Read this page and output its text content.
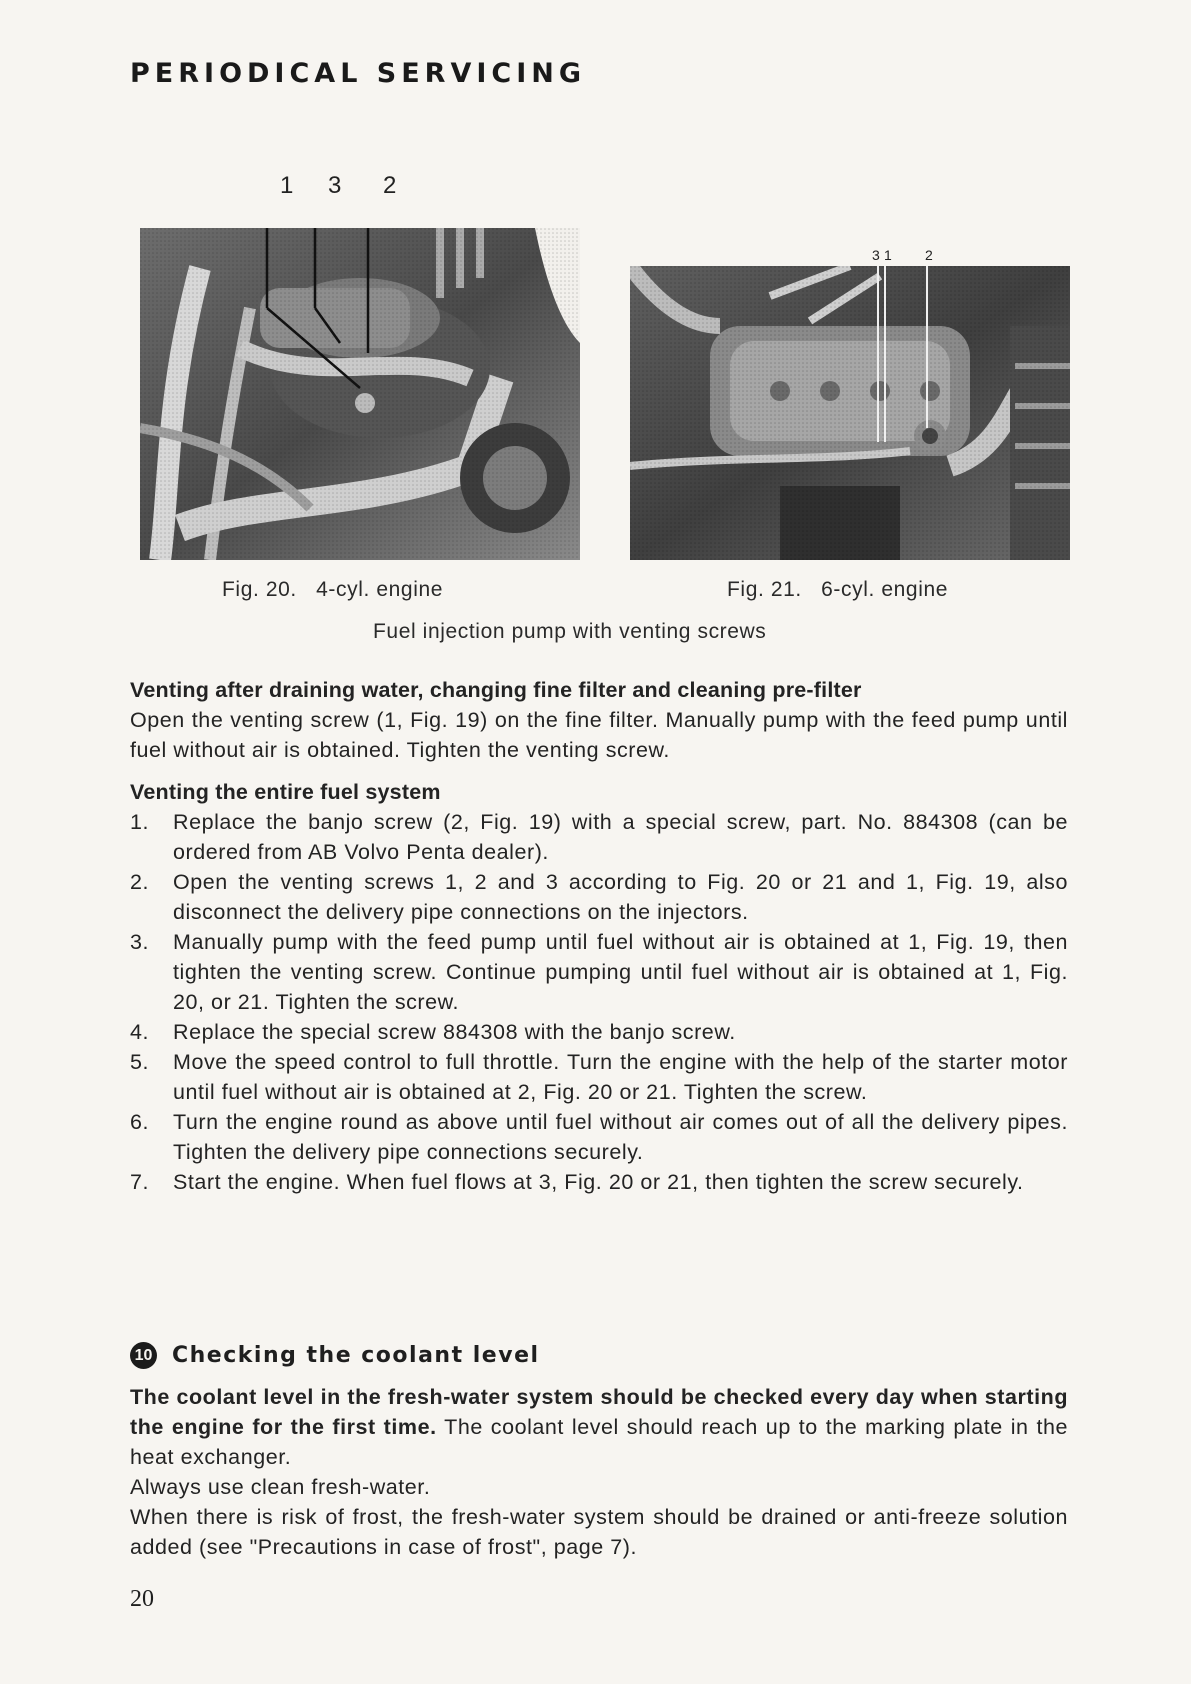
PERIODICAL SERVICING
1 3 2
3 1 2
Fig. 20. 4-cyl. engine	Fig. 21. 6-cyl. engine
Fuel injection pump with venting screws

Venting after draining water, changing fine filter and cleaning pre-filter

Open the venting screw (1, Fig. 19) on the fine filter. Manually pump with the feed pump until fuel without air is obtained. Tighten the venting screw.

Venting the entire fuel system

1. Replace the banjo screw (2, Fig. 19) with a special screw, part. No. 884308 (can be ordered from AB Volvo Penta dealer).
2. Open the venting screws 1, 2 and 3 according to Fig. 20 or 21 and 1, Fig. 19, also disconnect the delivery pipe connections on the injectors.
3. Manually pump with the feed pump until fuel without air is obtained at 1, Fig. 19, then tighten the venting screw. Continue pumping until fuel without air is obtained at 1, Fig. 20, or 21. Tighten the screw.
4. Replace the special screw 884308 with the banjo screw.
5. Move the speed control to full throttle. Turn the engine with the help of the starter motor until fuel without air is obtained at 2, Fig. 20 or 21. Tighten the screw.
6. Turn the engine round as above until fuel without air comes out of all the delivery pipes. Tighten the delivery pipe connections securely.
7. Start the engine. When fuel flows at 3, Fig. 20 or 21, then tighten the screw securely.
10 Checking the coolant level

The coolant level in the fresh-water system should be checked every day when starting the engine for the first time. The coolant level should reach up to the marking plate in the heat exchanger.

Always use clean fresh-water.

When there is risk of frost, the fresh-water system should be drained or anti-freeze solution added (see "Precautions in case of frost", page 7).

20
